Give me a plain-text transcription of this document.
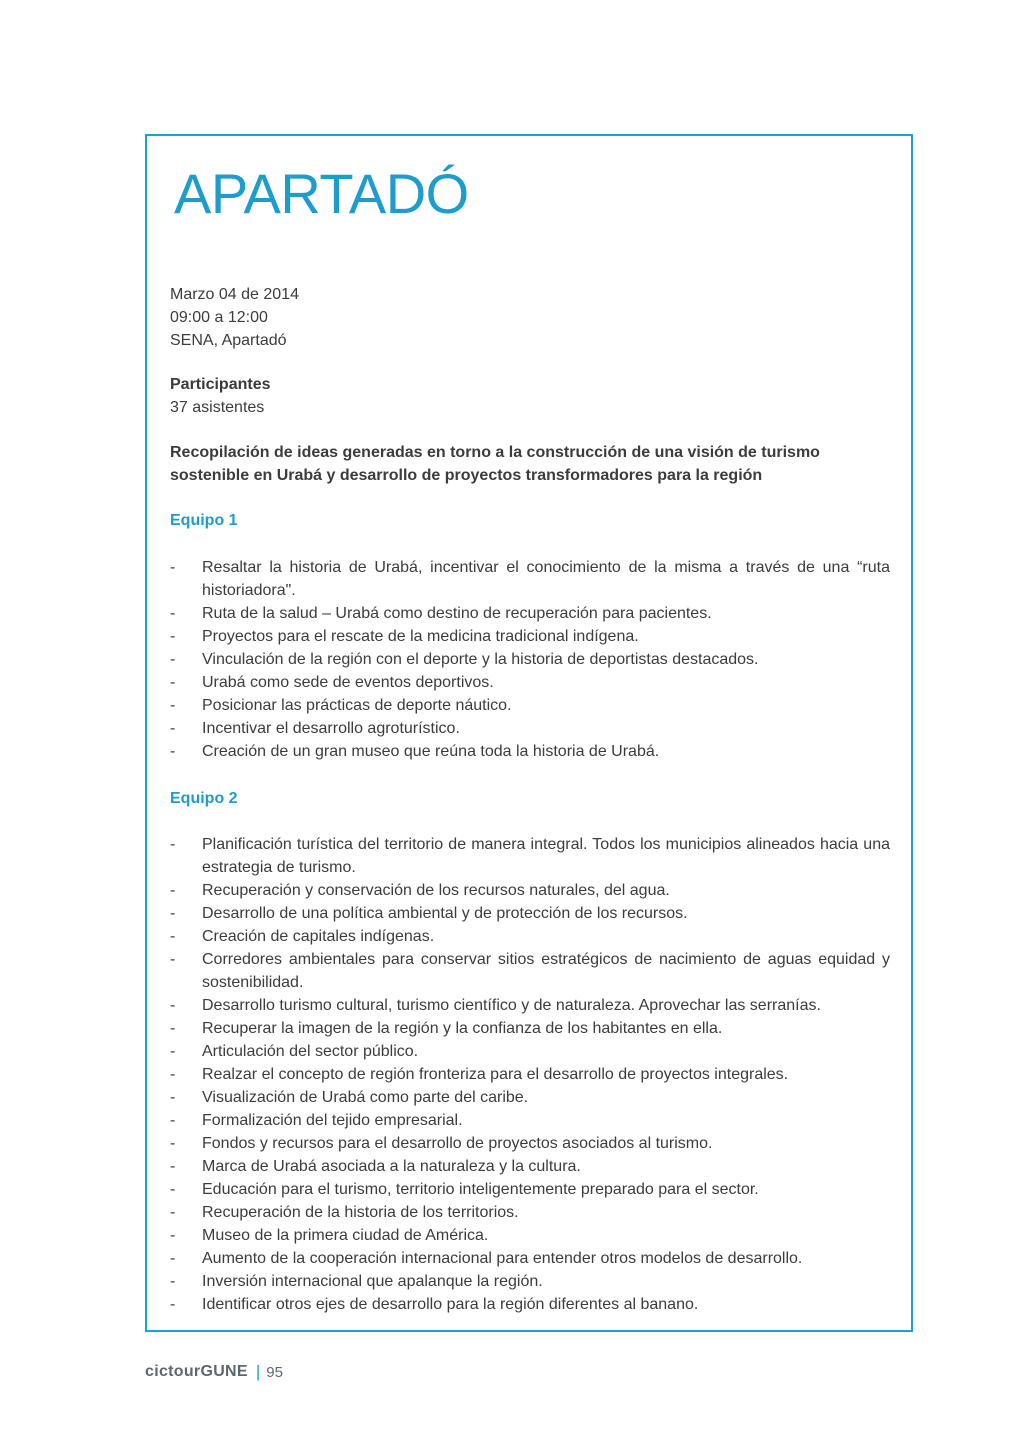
APARTADÓ
Marzo 04 de 2014
09:00 a 12:00
SENA, Apartadó
Participantes
37 asistentes
Recopilación de ideas generadas en torno a la construcción de una visión de turismo sostenible en Urabá y desarrollo de proyectos transformadores para la región
Equipo 1
- Resaltar la historia de Urabá, incentivar el conocimiento de la misma a través de una “ruta historiadora".
- Ruta de la salud – Urabá como destino de recuperación para pacientes.
- Proyectos para el rescate de la medicina tradicional indígena.
- Vinculación de la región con el deporte y la historia de deportistas destacados.
- Urabá como sede de eventos deportivos.
- Posicionar las prácticas de deporte náutico.
- Incentivar el desarrollo agroturístico.
- Creación de un gran museo que reúna toda la historia de Urabá.
Equipo 2
- Planificación turística del territorio de manera integral. Todos los municipios alineados hacia una estrategia de turismo.
- Recuperación y conservación de los recursos naturales, del agua.
- Desarrollo de una política ambiental y de protección de los recursos.
- Creación de capitales indígenas.
- Corredores ambientales para conservar sitios estratégicos de nacimiento de aguas equidad y sostenibilidad.
- Desarrollo turismo cultural, turismo científico y de naturaleza. Aprovechar las serranías.
- Recuperar la imagen de la región y la confianza de los habitantes en ella.
- Articulación del sector público.
- Realzar el concepto de región fronteriza para el desarrollo de proyectos integrales.
- Visualización de Urabá como parte del caribe.
- Formalización del tejido empresarial.
- Fondos y recursos para el desarrollo de proyectos asociados al turismo.
- Marca de Urabá asociada a la naturaleza y la cultura.
- Educación para el turismo, territorio inteligentemente preparado para el sector.
- Recuperación de la historia de los territorios.
- Museo de la primera ciudad de América.
- Aumento de la cooperación internacional para entender otros modelos de desarrollo.
- Inversión internacional que apalanque la región.
- Identificar otros ejes de desarrollo para la región diferentes al banano.
cictourGUNE | 95
